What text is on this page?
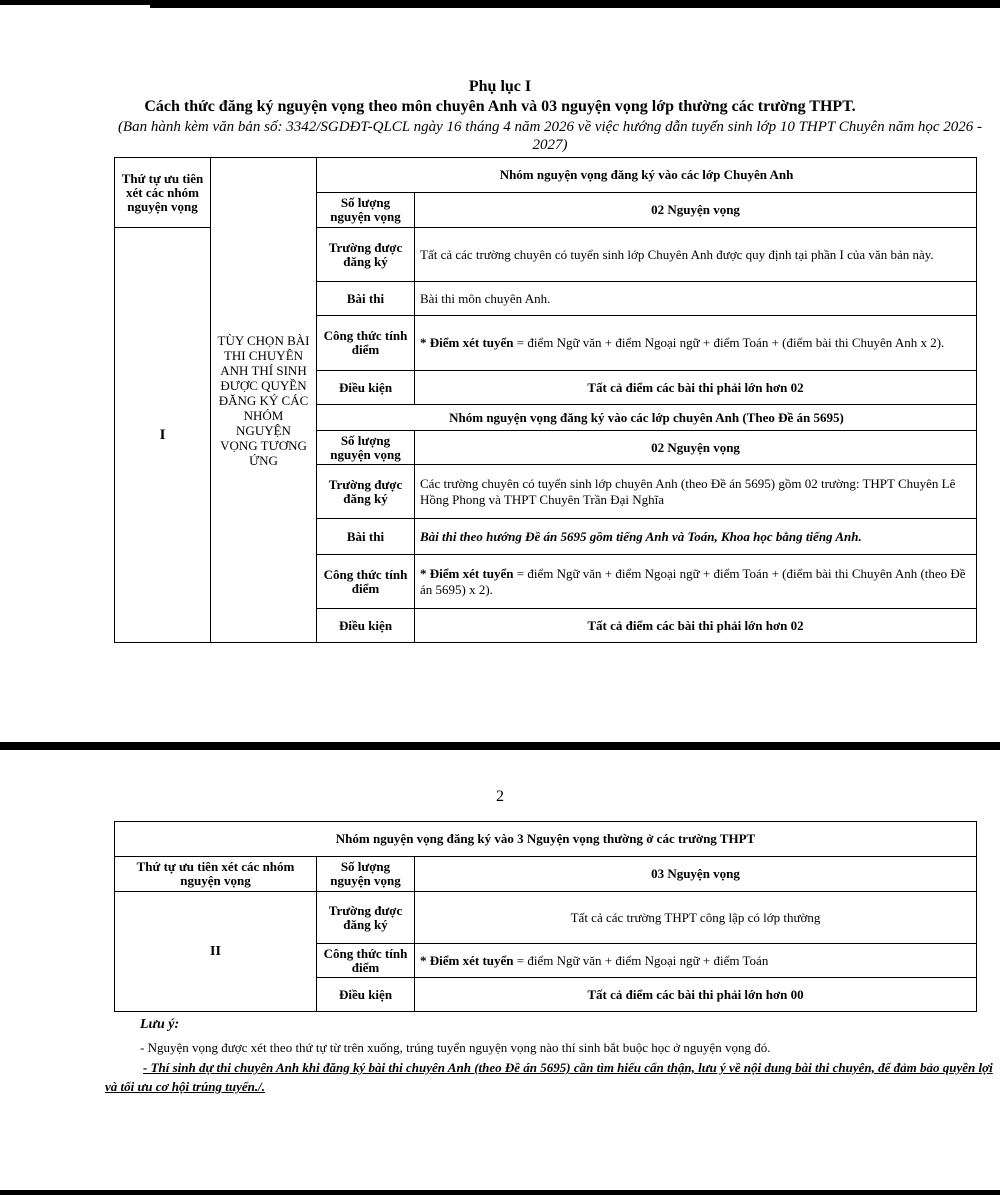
Phụ lục I
Cách thức đăng ký nguyện vọng theo môn chuyên Anh và 03 nguyện vọng lớp thường các trường THPT.
(Ban hành kèm văn bản số: 3342/SGDĐT-QLCL ngày 16 tháng 4 năm 2026 về việc hướng dẫn tuyển sinh lớp 10 THPT Chuyên năm học 2026 - 2027)
Thứ tự ưu tiên xét các nhóm nguyện vọng	TÙY CHỌN BÀI THI CHUYÊN ANH THÍ SINH ĐƯỢC QUYỀN ĐĂNG KÝ CÁC NHÓM NGUYỆN VỌNG TƯƠNG ỨNG	Nhóm nguyện vọng đăng ký vào các lớp Chuyên Anh	
		Số lượng nguyện vọng	02 Nguyện vọng
I		Trường được đăng ký	Tất cả các trường chuyên có tuyển sinh lớp Chuyên Anh được quy định tại phần I của văn bản này.
		Bài thi	Bài thi môn chuyên Anh.
		Công thức tính điểm	* Điểm xét tuyển = điểm Ngữ văn + điểm Ngoại ngữ + điểm Toán + (điểm bài thi Chuyên Anh x 2).
		Điều kiện	Tất cả điểm các bài thi phải lớn hơn 02
		Nhóm nguyện vọng đăng ký vào các lớp chuyên Anh (Theo Đề án 5695)	
		Số lượng nguyện vọng	02 Nguyện vọng
		Trường được đăng ký	Các trường chuyên có tuyển sinh lớp chuyên Anh (theo Đề án 5695) gồm 02 trường: THPT Chuyên Lê Hồng Phong và THPT Chuyên Trần Đại Nghĩa
		Bài thi	Bài thi theo hướng Đề án 5695 gồm tiếng Anh và Toán, Khoa học bằng tiếng Anh.
		Công thức tính điểm	* Điểm xét tuyển = điểm Ngữ văn + điểm Ngoại ngữ + điểm Toán + (điểm bài thi Chuyên Anh (theo Đề án 5695) x 2).
		Điều kiện	Tất cả điểm các bài thi phải lớn hơn 02
2
Nhóm nguyện vọng đăng ký vào 3 Nguyện vọng thường ở các trường THPT		
Thứ tự ưu tiên xét các nhóm nguyện vọng	Số lượng nguyện vọng	03 Nguyện vọng
II	Trường được đăng ký	Tất cả các trường THPT công lập có lớp thường
	Công thức tính điểm	* Điểm xét tuyển = điểm Ngữ văn + điểm Ngoại ngữ + điểm Toán
	Điều kiện	Tất cả điểm các bài thi phải lớn hơn 00
Lưu ý:
- Nguyện vọng được xét theo thứ tự từ trên xuống, trúng tuyển nguyện vọng nào thí sinh bắt buộc học ở nguyện vọng đó.
- Thí sinh dự thi chuyên Anh khi đăng ký bài thi chuyên Anh (theo Đề án 5695) cần tìm hiểu cẩn thận, lưu ý về nội dung bài thi chuyên, để đảm bảo quyền lợi và tối ưu cơ hội trúng tuyển./.
